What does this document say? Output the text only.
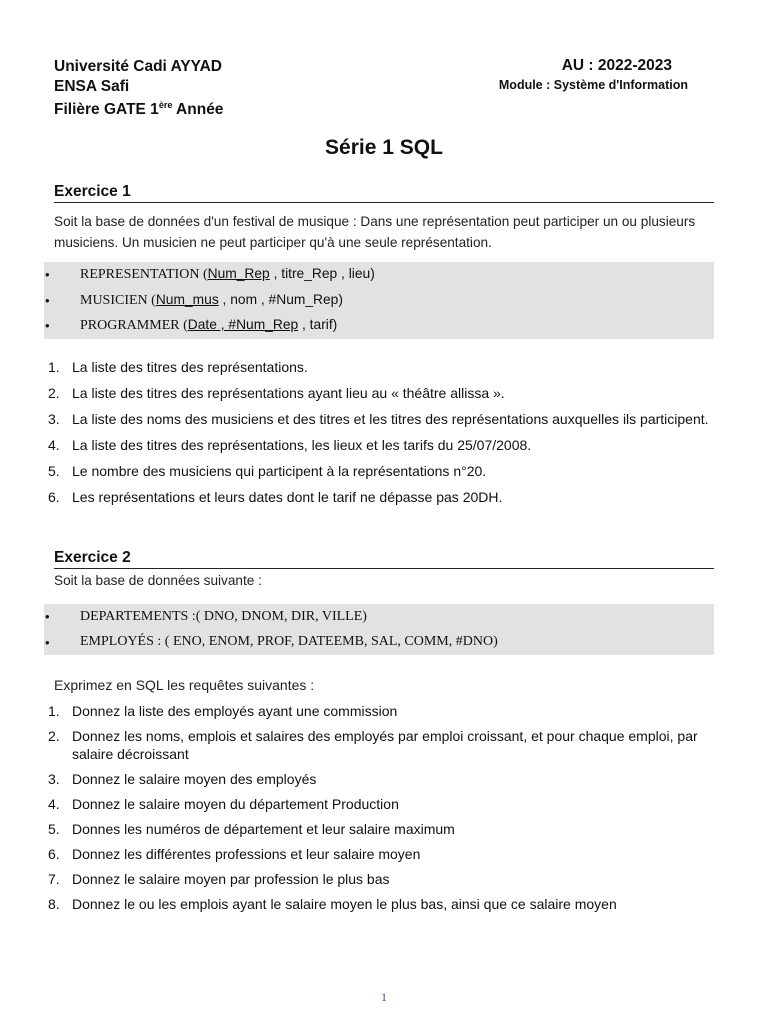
Université Cadi AYYAD
ENSA Safi
Filière GATE 1ère Année
AU : 2022-2023
Module : Système d'Information
Série 1 SQL
Exercice 1
Soit la base de données d'un festival de musique : Dans une représentation peut participer un ou plusieurs musiciens. Un musicien ne peut participer qu'à une seule représentation.
• REPRESENTATION (Num_Rep , titre_Rep , lieu)
• MUSICIEN (Num_mus , nom , #Num_Rep)
• PROGRAMMER (Date , #Num_Rep , tarif)
1. La liste des titres des représentations.
2. La liste des titres des représentations ayant lieu au « théâtre allissa ».
3. La liste des noms des musiciens et des titres et les titres des représentations auxquelles ils participent.
4. La liste des titres des représentations, les lieux et les tarifs du 25/07/2008.
5. Le nombre des musiciens qui participent à la représentations n°20.
6. Les représentations et leurs dates dont le tarif ne dépasse pas 20DH.
Exercice 2
Soit la base de données suivante :
• DEPARTEMENTS :( DNO, DNOM, DIR, VILLE)
• EMPLOYÉS : ( ENO, ENOM, PROF, DATEEMB, SAL, COMM, #DNO)
Exprimez en SQL les requêtes suivantes :
1. Donnez la liste des employés ayant une commission
2. Donnez les noms, emplois et salaires des employés par emploi croissant, et pour chaque emploi, par salaire décroissant
3. Donnez le salaire moyen des employés
4. Donnez le salaire moyen du département Production
5. Donnes les numéros de département et leur salaire maximum
6. Donnez les différentes professions et leur salaire moyen
7. Donnez le salaire moyen par profession le plus bas
8. Donnez le ou les emplois ayant le salaire moyen le plus bas, ainsi que ce salaire moyen
1
